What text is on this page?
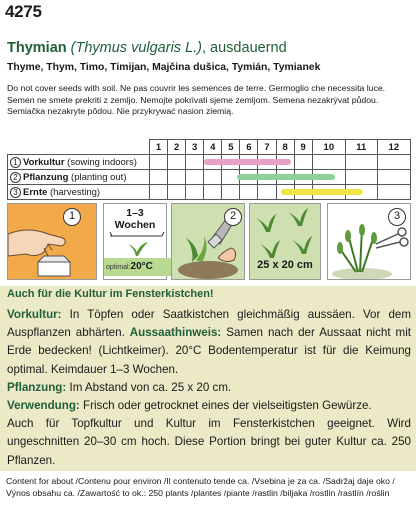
4275
Thymian (Thymus vulgaris L.), ausdauernd
Thyme, Thym, Timo, Timijan, Majčina dušica, Tymián, Tymianek
Do not cover seeds with soil. Ne pas couvrir les semences de terre. Germoglio che necessita luce.
Semen ne smete prekriti z zemljo. Nemojte pokrivati sjeme zemljom. Semena nezakrývat půdou.
Semiačka nezakryte pôdou. Nie przykrywać nasion ziemią.
	1	2	3	4	5	6	7	8	9	10	11	12
1 Vorkultur (sowing indoors)	

2 Pflanzung (planting out)	

3 Ernte (harvesting)	

1	1–3
Wochen
optimal:20°C
2
25 x 20 cm
3
Auch für die Kultur im Fensterkistchen!
Vorkultur: In Töpfen oder Saatkistchen gleichmäßig aussäen. Vor dem Auspflanzen abhärten. Aussaathinweis: Samen nach der Aussaat nicht mit Erde bedecken! (Lichtkeimer). 20°C Bodentemperatur ist für die Keimung optimal. Keimdauer 1–3 Wochen.
Pflanzung: Im Abstand von ca. 25 x 20 cm.
Verwendung: Frisch oder getrocknet eines der vielseitigsten Gewürze.
Auch für Topfkultur und Kultur im Fensterkistchen geeignet. Wird ungeschnitten 20–30 cm hoch. Diese Portion bringt bei guter Kultur ca. 250 Pflanzen.
Content for about /Contenu pour environ /Il contenuto tende ca. /Vsebina je za ca. /Sadržaj daje oko /
Výnos obsahu ca. /Zawartość to ok.: 250 plants /plantes /piante /rastlin /biljaka /rostlin /rastlín /roślin
